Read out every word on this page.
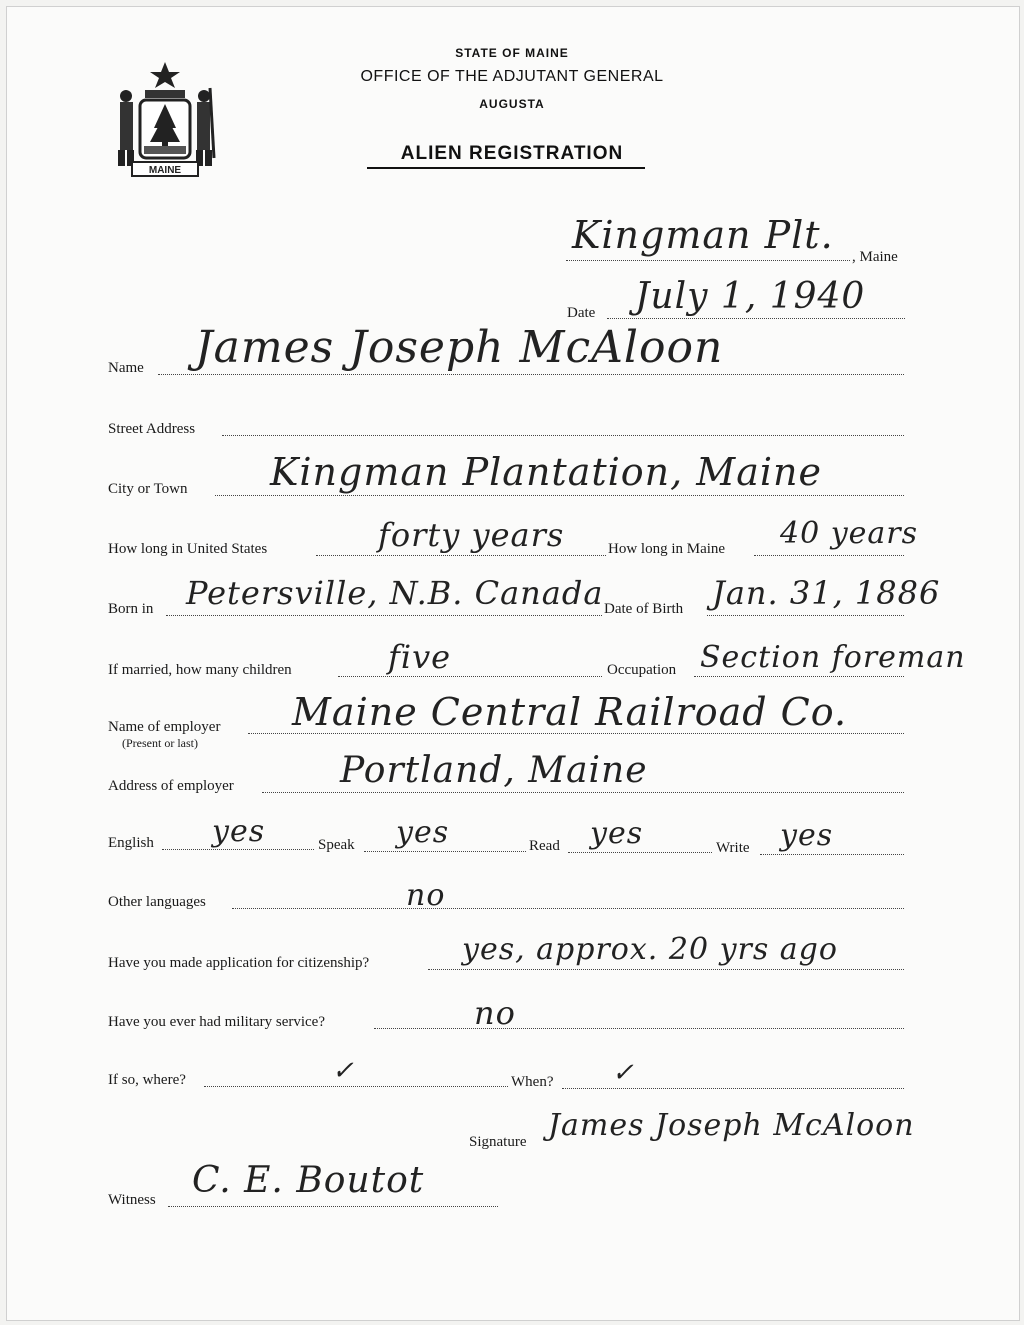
MAINE
STATE OF MAINE
OFFICE OF THE ADJUTANT GENERAL
AUGUSTA
ALIEN REGISTRATION
Kingman Plt. , Maine
Date July 1, 1940
Name James Joseph McAloon
Street Address
City or Town Kingman Plantation, Maine
How long in United States	forty years	How long in Maine 40 years
Born in Petersville, N.B. Canada Date of Birth Jan. 31, 1886
If married, how many children	five	Occupation Section foreman
Name of employer
(Present or last)
Maine Central Railroad Co.
Address of employer	Portland, Maine
English yes	Speak yes	Read yes	Write yes
Other languages	no
Have you made application for citizenship?	yes, approx. 20 yrs ago
Have you ever had military service?	no
If so, where?	✓	When? ✓
Signature James Joseph McAloon
Witness C. E. Boutot
